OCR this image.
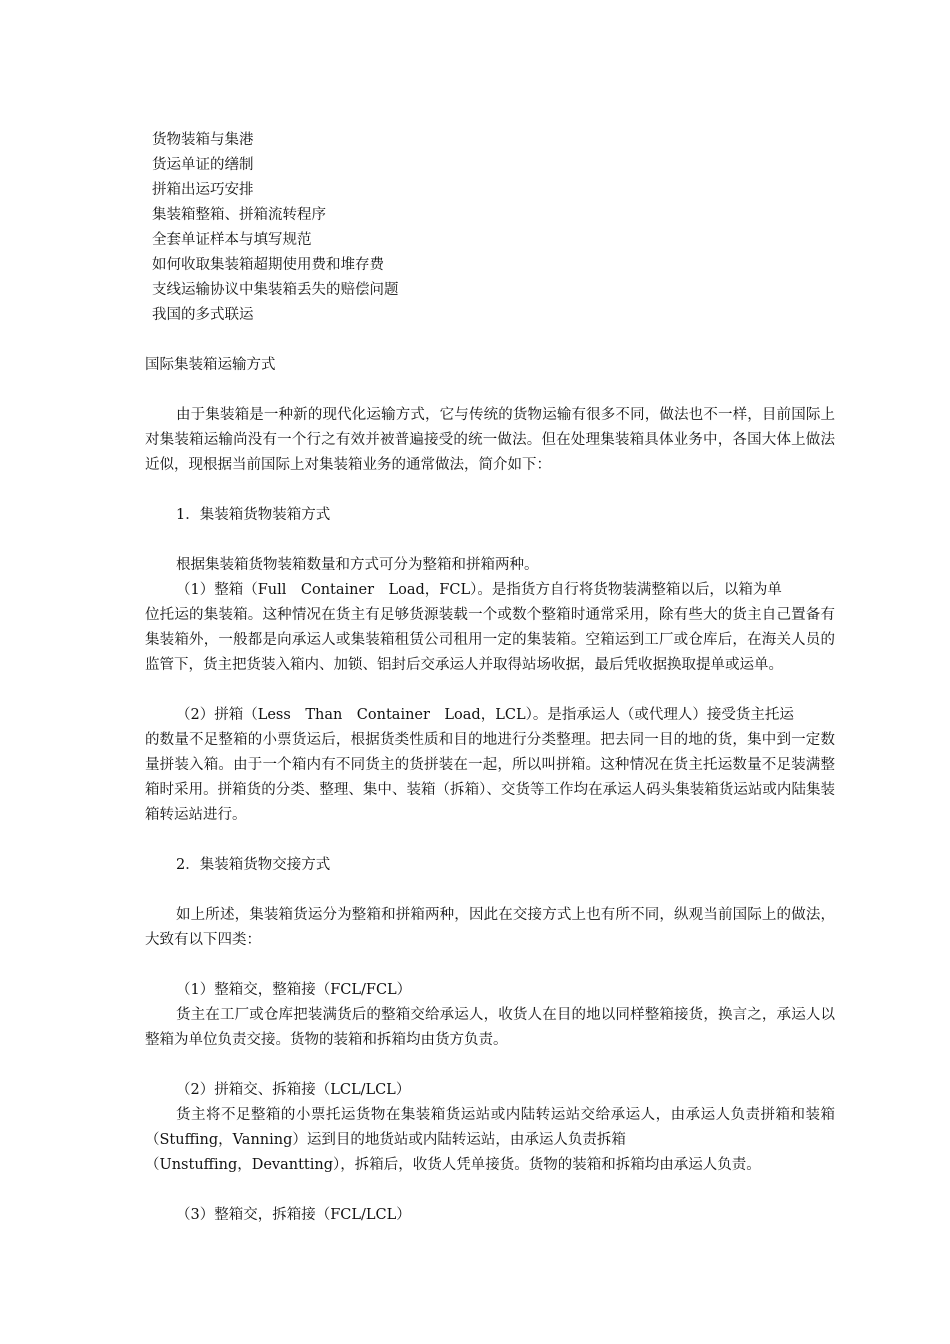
货物装箱与集港
货运单证的缮制
拼箱出运巧安排
集装箱整箱、拼箱流转程序
全套单证样本与填写规范
如何收取集装箱超期使用费和堆存费
支线运输协议中集装箱丢失的赔偿问题
我国的多式联运

国际集装箱运输方式

由于集装箱是一种新的现代化运输方式，它与传统的货物运输有很多不同，做法也不一样，目前国际上对集装箱运输尚没有一个行之有效并被普遍接受的统一做法。但在处理集装箱具体业务中，各国大体上做法近似，现根据当前国际上对集装箱业务的通常做法，简介如下：

1．集装箱货物装箱方式

根据集装箱货物装箱数量和方式可分为整箱和拼箱两种。

（1）整箱（Full　Container　Load，FCL）。是指货方自行将货物装满整箱以后，以箱为单

位托运的集装箱。这种情况在货主有足够货源装载一个或数个整箱时通常采用，除有些大的货主自己置备有集装箱外，一般都是向承运人或集装箱租赁公司租用一定的集装箱。空箱运到工厂或仓库后，在海关人员的监管下，货主把货装入箱内、加锁、铝封后交承运人并取得站场收据，最后凭收据换取提单或运单。

（2）拼箱（Less　Than　Container　Load，LCL）。是指承运人（或代理人）接受货主托运

的数量不足整箱的小票货运后，根据货类性质和目的地进行分类整理。把去同一目的地的货，集中到一定数量拼装入箱。由于一个箱内有不同货主的货拼装在一起，所以叫拼箱。这种情况在货主托运数量不足装满整箱时采用。拼箱货的分类、整理、集中、装箱（拆箱）、交货等工作均在承运人码头集装箱货运站或内陆集装箱转运站进行。

2．集装箱货物交接方式

如上所述，集装箱货运分为整箱和拼箱两种，因此在交接方式上也有所不同，纵观当前国际上的做法，大致有以下四类：

（1）整箱交，整箱接（FCL/FCL）

货主在工厂或仓库把装满货后的整箱交给承运人，收货人在目的地以同样整箱接货，换言之，承运人以整箱为单位负责交接。货物的装箱和拆箱均由货方负责。

（2）拼箱交、拆箱接（LCL/LCL）

货主将不足整箱的小票托运货物在集装箱货运站或内陆转运站交给承运人，由承运人负责拼箱和装箱（Stuffing，Vanning）运到目的地货站或内陆转运站，由承运人负责拆箱

（Unstuffing，Devantting），拆箱后，收货人凭单接货。货物的装箱和拆箱均由承运人负责。

（3）整箱交，拆箱接（FCL/LCL）
